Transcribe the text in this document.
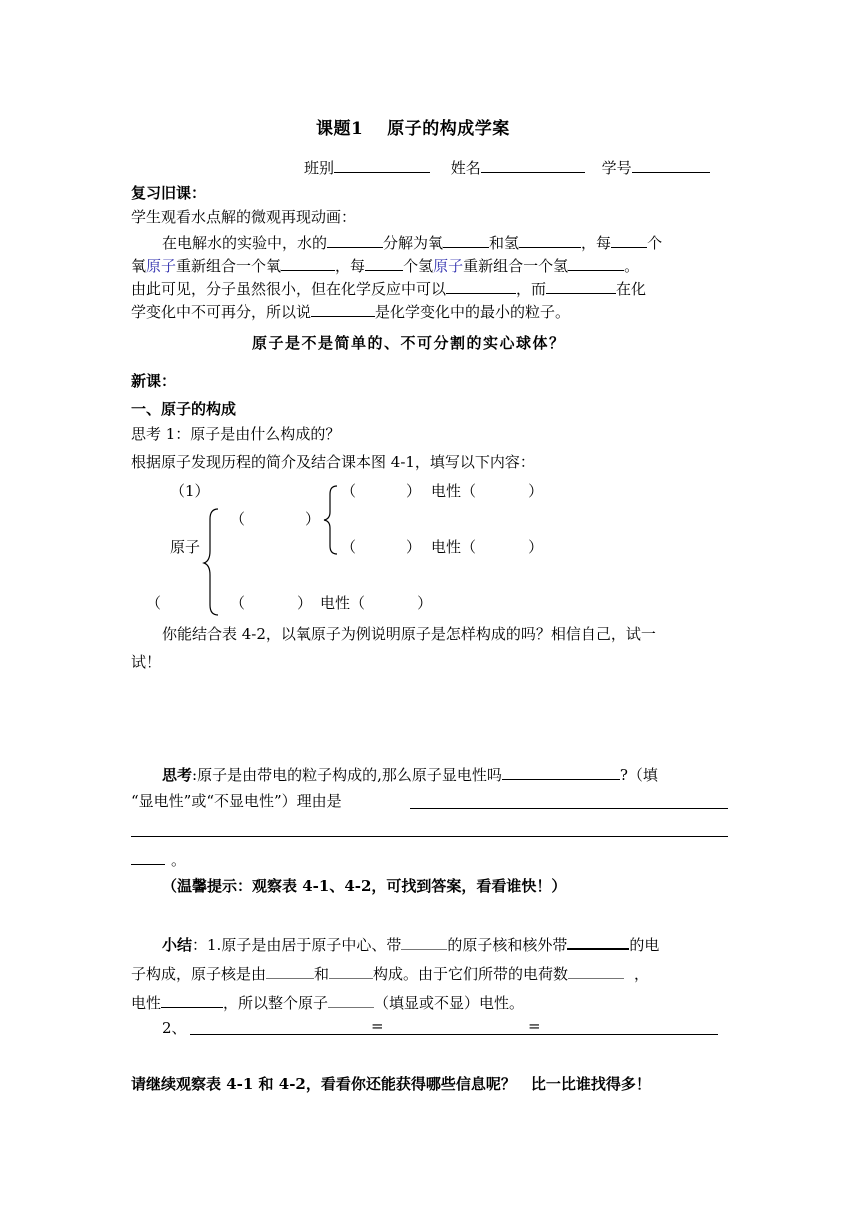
课题1　 原子的构成学案
班别	姓名	学号
复习旧课：
学生观看水点解的微观再现动画：
在电解水的实验中，水的	分解为氧	和氢	，每 个
氧原子重新组合一个氧	，每	个氢原子重新组合一个氢	。
由此可见，分子虽然很小，但在化学反应中可以	，而	在化
学变化中不可再分，所以说	是化学变化中的最小的粒子。
原子是不是简单的、不可分割的实心球体？
新课：
一、原子的构成
思考 1：原子是由什么构成的？
根据原子发现历程的简介及结合课本图 4-1，填写以下内容：
（1）	（	） 电性（	）
（	）
原子	（	） 电性（	）
（	（	） 电性（	）
你能结合表 4-2，以氧原子为例说明原子是怎样构成的吗？相信自己，试一
试！
思考:原子是由带电的粒子构成的,那么原子显电性吗	?（填
“显电性”或“不显电性”）理由是
。
（温馨提示：观察表 4-1、4-2，可找到答案，看看谁快！）
小结：1.原子是由居于原子中心、带	的原子核和核外带	的电
子构成，原子核是由	和	构成。由于它们所带的电荷数	，
电性	，所以整个原子	（填显或不显）电性。
2、	=	=
请继续观察表 4-1 和 4-2，看看你还能获得哪些信息呢？　比一比谁找得多！
